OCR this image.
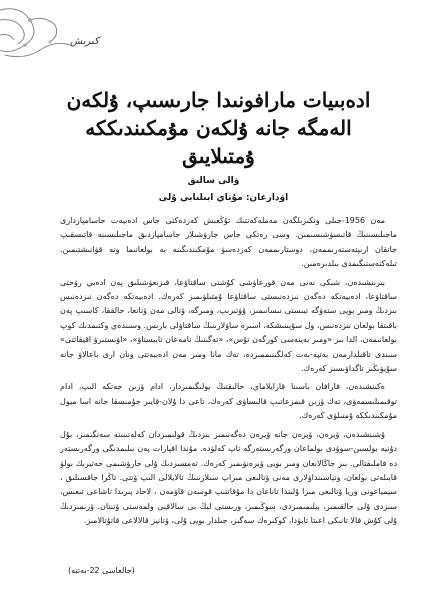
كىرىش
ادەبىيات مارافونىدا جارىسىپ، ۇلكەن
الەمگە جانە ۇلكەن مۇمكىندىككە
ۇمتىلايىق
ۋالى سالىق
اۋدارعان: مۇتاي ابىلىابي ۇلى

مەن 1956-جىلى وتكىزىلگەن مەملەكەتتىك تۇڭعىش كەزدەكتى جاس ادەبيەت جاسامپازدارى ماجىلىسىنىڭ قاتىسۋشىسىمىن. وسى رەتكى جاس جارۋشىلار جاسامپازدىق ماجىلىسىنە قاتىسقىپ جاتقان ارىپتەستەرىممەن، دوستارىممەن كەزدەسۋ مۇمكىندىگىنە يە بولعانىما وتە قۋانىشتىمىن. تىلەكتەستىگىمدى بىلدىرەمىن.

بىرىنشىدەن، شىكى نەنى مەن قورعاۋشى كۇشتى ساقتاۋعا، قىزىعۋشىلىق پەن ادەبي رۋحتى ساقتاۋعا، ادەبيەتكە دەگەن نىزدەنىستى ساقتاۋعا ۇمتىلۋىمىز كەرەك. ادەبيەتكە دەگەن نىزدەنىس بىزدىڭ ومىر بويى ستەۋگە تيىستى نىسانىمىز، ۇۋتىرىپ، ومىرگە، ۆتالى مەن ۆتانعا، حالققا، كاسىپ پەن باقىتقا بولعان نىزدەنىس، ول سۇيىنىشكە، اسىرە ساۋلارىنىڭ ساقتاۋلى بارىس. وسىندەي وكتىمدىك كوپ بولعانىمەن، الدا بىز «ومىر بەينەسى كورگەن تۇس»، «تەگىنىڭ نامەعان تابىستاۋ»، «اۋىستىرۋ اقيقاتتى» سىندى تاقىلدارمەن بەتپە-بەت كەلگىنىممىزدە، تەك مانا ومىر مەن ادەبيەتتى ونان ارى باعالاۋ جانە سۇيۋىڭىز تاگداۋىسىز كەرەك.

ەكىنشىدەن، قارافان باسىنا قارايلاماي، حالىقتىڭ بولىگىمىزدار، ادام ۆزىن جەتكە الىپ، ادام توقىمىلىسمەۋى، تەك ۆزىن قىمزعاتىپ قالىساۋى كەرەك، تاعى دا ۇلان-قايىر جۇمىسقا جانە اسا ميول مۇمكىندىككە ۇمتىلۋى كەرەك.

ۇشىنشىدەن، ۆيرەن، ۆيرەن جانە ۆيرەن دەگەنىمىز بىزدىڭ قولىمىزدان كەلەتىنىنە سەنگىمىز، بۇل دۇنيە بولسىن-سوۋدى بولماعان ورگەرىستەرگە تاپ كەلۋدە. مۇندا اقپارات پەن بىلىمدىگى ورگەرىستەر دە قاملىقتالى. بىز جاڭالانعان ومىر بويى ۆيرەنۋىمىز كەرەك. تەمسىزدىك ۇلى جارۋشىمى حەتيرىك بولۋ قابىلەتى بولعان، وتياسىنداۋلارى مەنى ۆتالىعى مىراپ سىلارىنىڭ تالايلالى الىپ ۆتتى. تاڭرا جاقسىلىق ، سيمياعونى وريا ۆتالىعى مىرا ۇلىندا تاناعان دا مۇقاتتىپ قوسەن قاۋمەن ، لاحاد پىرىدا تاشاعى تىعىس، سىزدى ۇلى حالقىمىز، بىلىمىمىزدى، سوڭىمىز، ورىستى لىڭ بى سالاقبى ولمەستى ۆتىتان. ۆزىمىزدىڭ ۇلى كۇش قالا تانىكى اعىتا تابۋدا، كوكىرەك سەگىز، جىلدار بويى ۇلى، ۆتانيز قالالاعى قاتۇتالامىز.

(جالعاسى 22-بەتتە)
